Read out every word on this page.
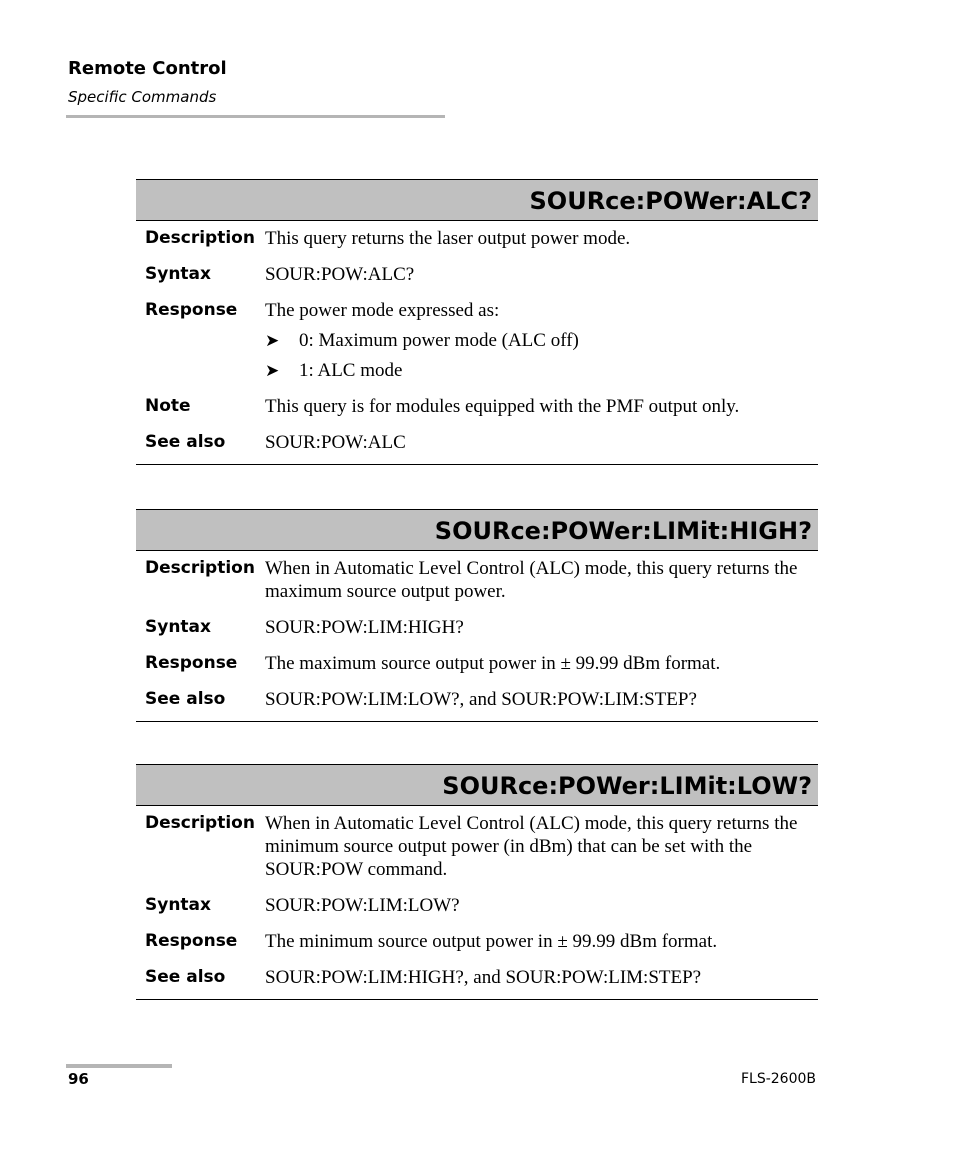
Remote Control
Specific Commands
SOURce:POWer:ALC?
Description This query returns the laser output power mode.
Syntax	SOUR:POW:ALC?
Response	The power mode expressed as:
➤	0: Maximum power mode (ALC off)
➤	1: ALC mode
Note	This query is for modules equipped with the PMF output only.
See also	SOUR:POW:ALC
SOURce:POWer:LIMit:HIGH?
Description When in Automatic Level Control (ALC) mode, this query returns the maximum source output power.
Syntax	SOUR:POW:LIM:HIGH?
Response	The maximum source output power in ± 99.99 dBm format.
See also	SOUR:POW:LIM:LOW?, and SOUR:POW:LIM:STEP?
SOURce:POWer:LIMit:LOW?
Description When in Automatic Level Control (ALC) mode, this query returns the minimum source output power (in dBm) that can be set with the SOUR:POW command.
Syntax	SOUR:POW:LIM:LOW?
Response	The minimum source output power in ± 99.99 dBm format.
See also	SOUR:POW:LIM:HIGH?, and SOUR:POW:LIM:STEP?
96	FLS-2600B
